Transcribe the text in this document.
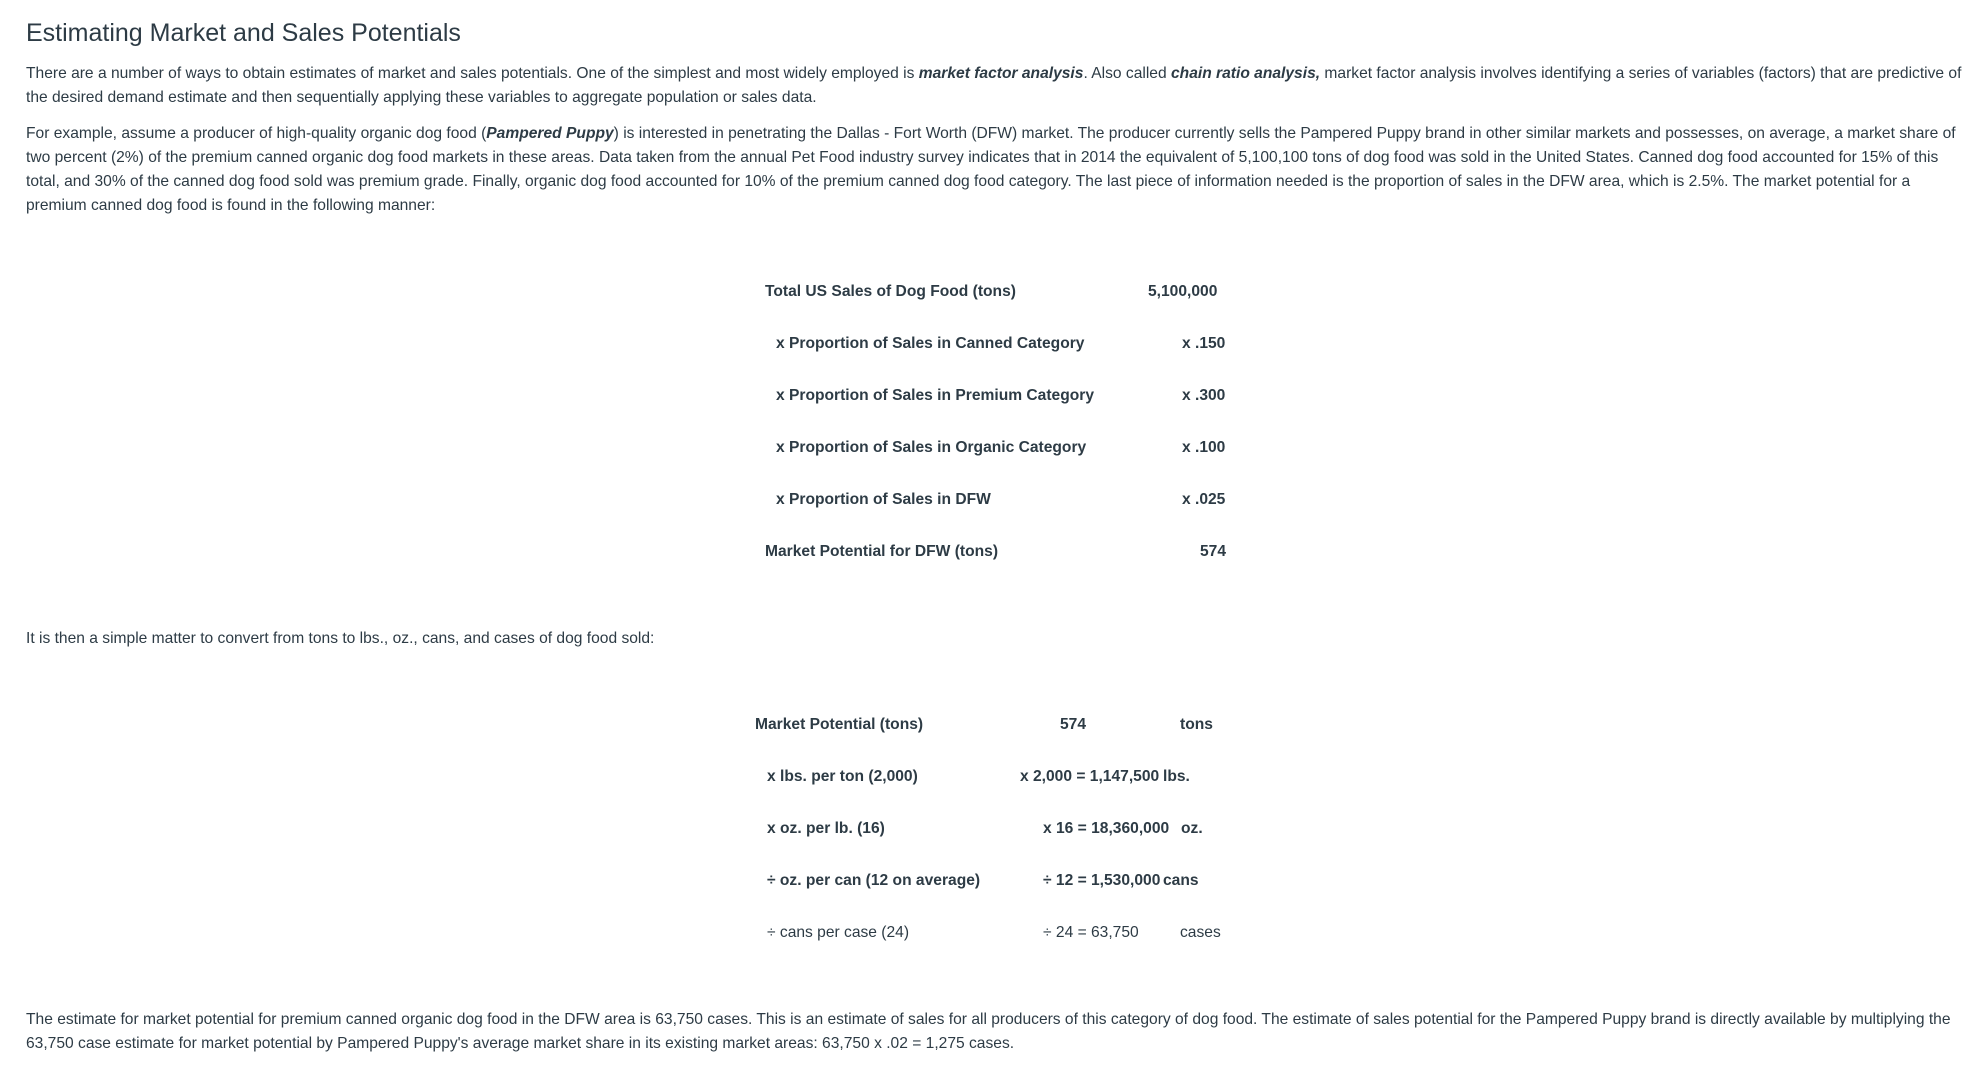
Estimating Market and Sales Potentials

There are a number of ways to obtain estimates of market and sales potentials. One of the simplest and most widely employed is market factor analysis. Also called chain ratio analysis, market factor analysis involves identifying a series of variables (factors) that are predictive of the desired demand estimate and then sequentially applying these variables to aggregate population or sales data.

For example, assume a producer of high-quality organic dog food (Pampered Puppy) is interested in penetrating the Dallas - Fort Worth (DFW) market. The producer currently sells the Pampered Puppy brand in other similar markets and possesses, on average, a market share of two percent (2%) of the premium canned organic dog food markets in these areas. Data taken from the annual Pet Food industry survey indicates that in 2014 the equivalent of 5,100,100 tons of dog food was sold in the United States. Canned dog food accounted for 15% of this total, and 30% of the canned dog food sold was premium grade. Finally, organic dog food accounted for 10% of the premium canned dog food category. The last piece of information needed is the proportion of sales in the DFW area, which is 2.5%. The market potential for a premium canned dog food is found in the following manner:

Total US Sales of Dog Food (tons)	5,100,000
x Proportion of Sales in Canned Category	x .150
x Proportion of Sales in Premium Category	x .300
x Proportion of Sales in Organic Category	x .100
x Proportion of Sales in DFW	x .025
Market Potential for DFW (tons)	574

It is then a simple matter to convert from tons to lbs., oz., cans, and cases of dog food sold:

Market Potential (tons)	574	tons
x lbs. per ton (2,000)	x 2,000 = 1,147,500 lbs.
x oz. per lb. (16)	x 16 = 18,360,000 oz.
÷ oz. per can (12 on average)	÷ 12 = 1,530,000 cans
÷ cans per case (24)	÷ 24 = 63,750	cases

The estimate for market potential for premium canned organic dog food in the DFW area is 63,750 cases. This is an estimate of sales for all producers of this category of dog food. The estimate of sales potential for the Pampered Puppy brand is directly available by multiplying the 63,750 case estimate for market potential by Pampered Puppy's average market share in its existing market areas: 63,750 x .02 = 1,275 cases.
